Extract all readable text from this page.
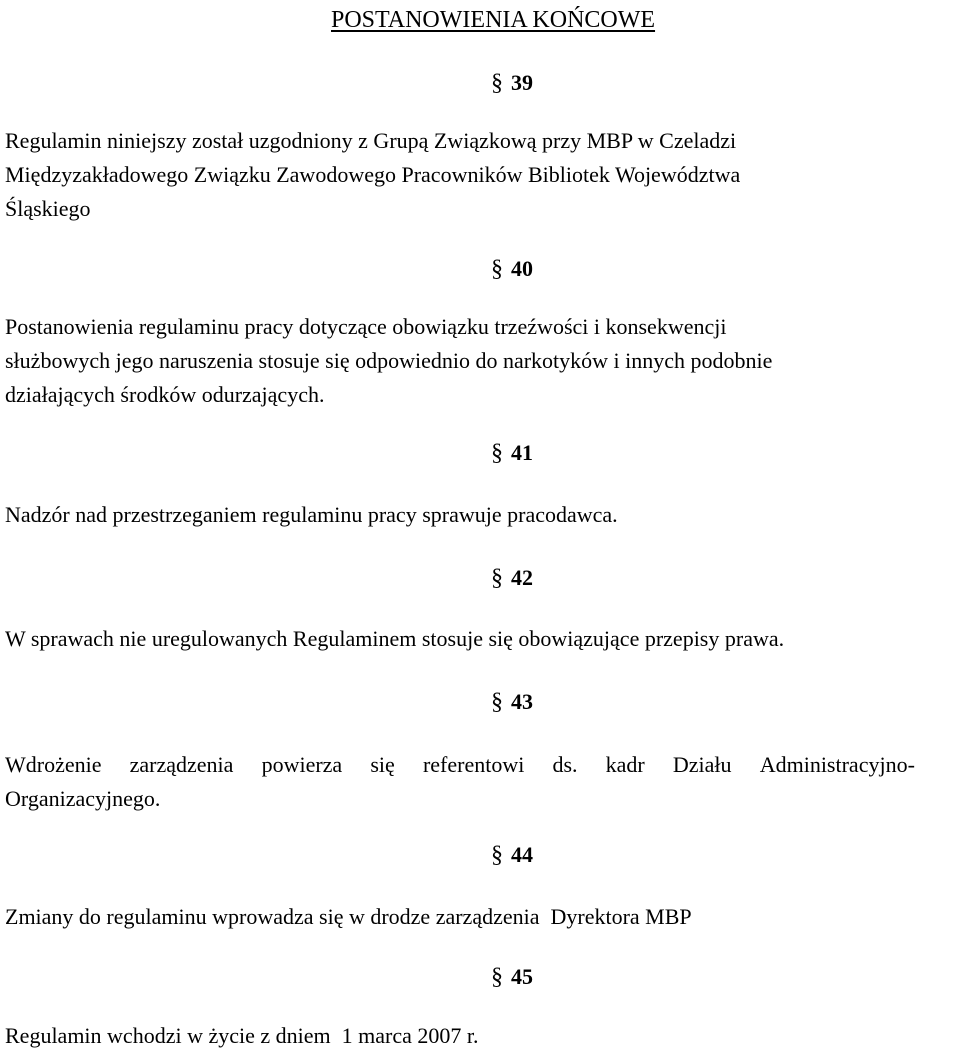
POSTANOWIENIA KOŃCOWE
§ 39
Regulamin niniejszy został uzgodniony z Grupą Związkową przy MBP w Czeladzi
Międzyzakładowego Związku Zawodowego Pracowników Bibliotek Województwa
Śląskiego
§ 40
Postanowienia regulaminu pracy dotyczące obowiązku trzeźwości i konsekwencji
służbowych jego naruszenia stosuje się odpowiednio do narkotyków i innych podobnie
działających środków odurzających.
§ 41
Nadzór nad przestrzeganiem regulaminu pracy sprawuje pracodawca.
§ 42
W sprawach nie uregulowanych Regulaminem stosuje się obowiązujące przepisy prawa.
§ 43
Wdrożenie zarządzenia powierza się referentowi ds. kadr Działu Administracyjno-
Organizacyjnego.
§ 44
Zmiany do regulaminu wprowadza się w drodze zarządzenia  Dyrektora MBP
§ 45
Regulamin wchodzi w życie z dniem  1 marca 2007 r.
